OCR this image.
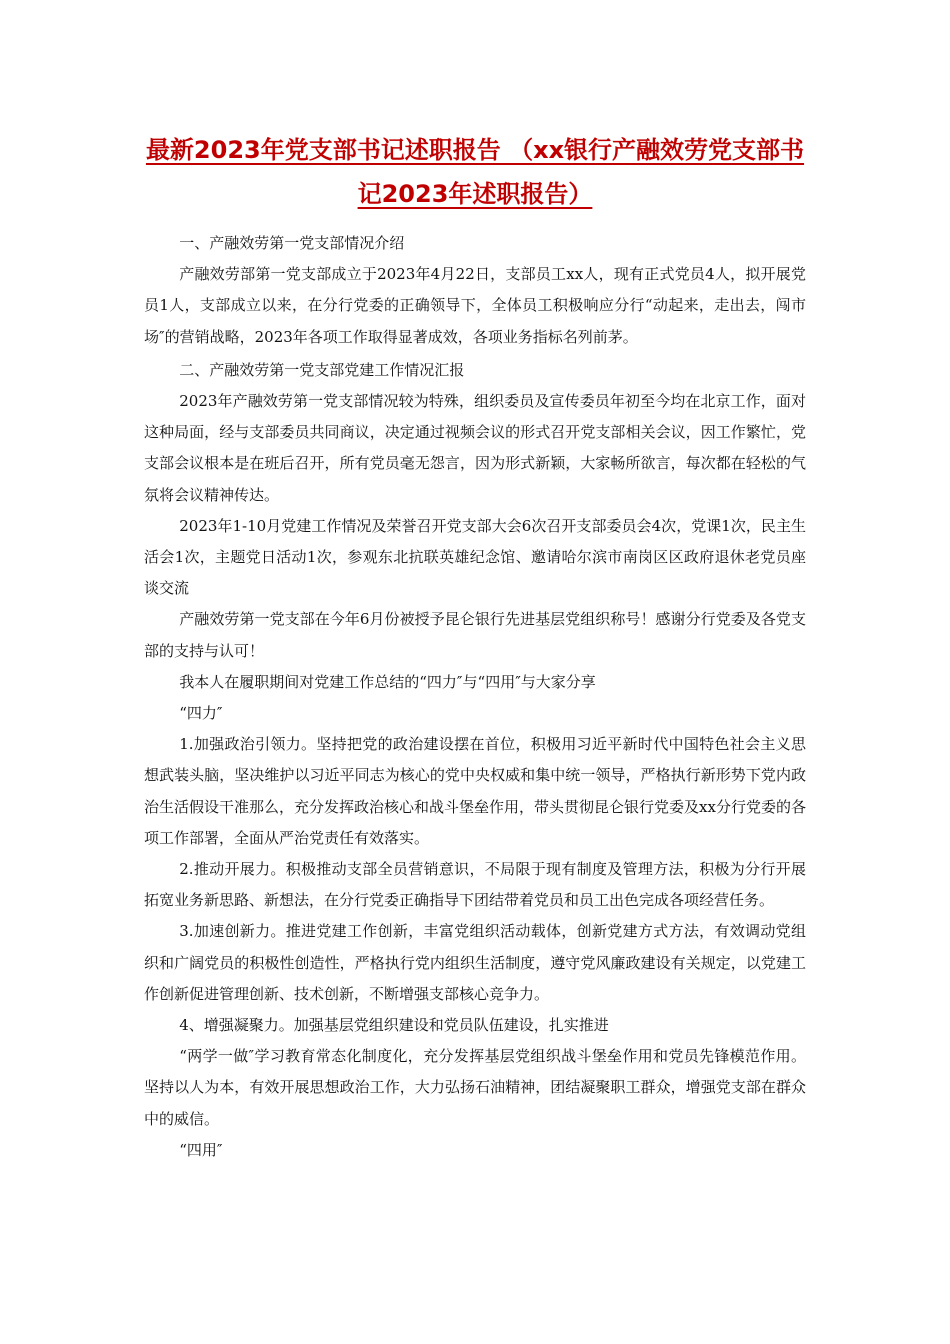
最新2023年党支部书记述职报告 （xx银行产融效劳党支部书记2023年述职报告）

一、产融效劳第一党支部情况介绍

产融效劳部第一党支部成立于2023年4月22日，支部员工xx人，现有正式党员4人，拟开展党员1人，支部成立以来，在分行党委的正确领导下，全体员工积极响应分行“动起来，走出去，闯市场″的营销战略，2023年各项工作取得显著成效，各项业务指标名列前茅。

二、产融效劳第一党支部党建工作情况汇报

2023年产融效劳第一党支部情况较为特殊，组织委员及宣传委员年初至今均在北京工作，面对这种局面，经与支部委员共同商议，决定通过视频会议的形式召开党支部相关会议，因工作繁忙，党支部会议根本是在班后召开，所有党员毫无怨言，因为形式新颖，大家畅所欲言，每次都在轻松的气氛将会议精神传达。

2023年1-10月党建工作情况及荣誉召开党支部大会6次召开支部委员会4次，党课1次，民主生活会1次，主题党日活动1次，参观东北抗联英雄纪念馆、邀请哈尔滨市南岗区区政府退休老党员座谈交流

产融效劳第一党支部在今年6月份被授予昆仑银行先进基层党组织称号！感谢分行党委及各党支部的支持与认可！

我本人在履职期间对党建工作总结的“四力″与“四用″与大家分享

“四力″

1.加强政治引领力。坚持把党的政治建设摆在首位，积极用习近平新时代中国特色社会主义思想武装头脑，坚决维护以习近平同志为核心的党中央权威和集中统一领导，严格执行新形势下党内政治生活假设干准那么，充分发挥政治核心和战斗堡垒作用，带头贯彻昆仑银行党委及xx分行党委的各项工作部署，全面从严治党责任有效落实。

2.推动开展力。积极推动支部全员营销意识，不局限于现有制度及管理方法，积极为分行开展拓宽业务新思路、新想法，在分行党委正确指导下团结带着党员和员工出色完成各项经营任务。

3.加速创新力。推进党建工作创新，丰富党组织活动载体，创新党建方式方法，有效调动党组织和广阔党员的积极性创造性，严格执行党内组织生活制度，遵守党风廉政建设有关规定，以党建工作创新促进管理创新、技术创新，不断增强支部核心竞争力。

4、增强凝聚力。加强基层党组织建设和党员队伍建设，扎实推进

“两学一做″学习教育常态化制度化，充分发挥基层党组织战斗堡垒作用和党员先锋模范作用。坚持以人为本，有效开展思想政治工作，大力弘扬石油精神，团结凝聚职工群众，增强党支部在群众中的威信。

“四用″
